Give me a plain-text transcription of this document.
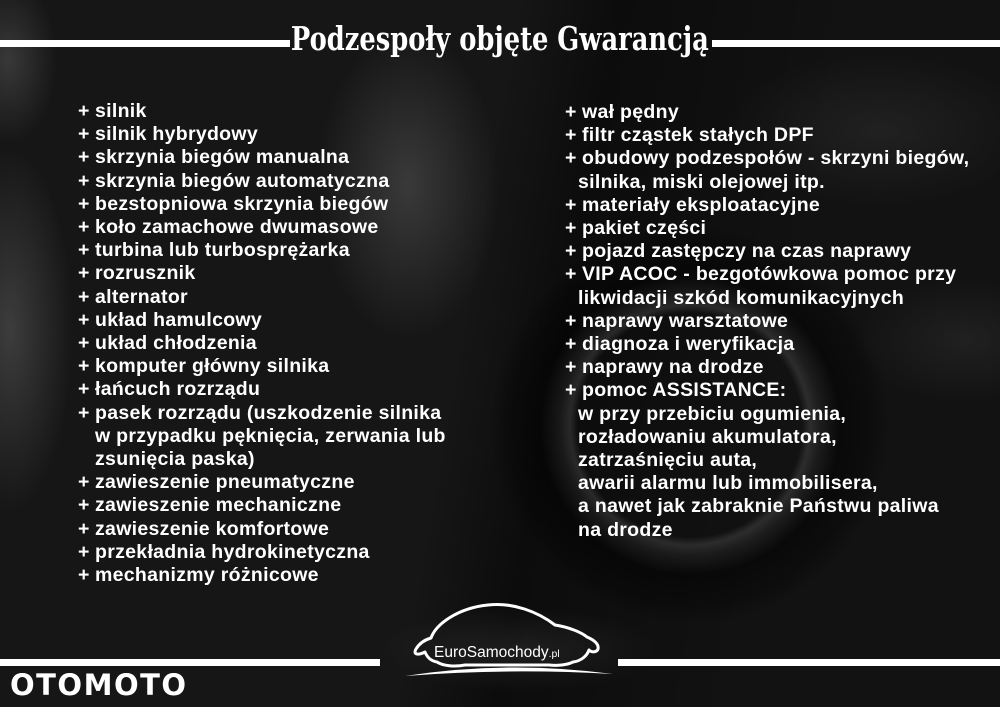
Podzespoły objęte Gwarancją
+ silnik
+ silnik hybrydowy
+ skrzynia biegów manualna
+ skrzynia biegów automatyczna
+ bezstopniowa skrzynia biegów
+ koło zamachowe dwumasowe
+ turbina lub turbosprężarka
+ rozrusznik
+ alternator
+ układ hamulcowy
+ układ chłodzenia
+ komputer główny silnika
+ łańcuch rozrządu
+ pasek rozrządu (uszkodzenie silnika
w przypadku pęknięcia, zerwania lub
zsunięcia paska)
+ zawieszenie pneumatyczne
+ zawieszenie mechaniczne
+ zawieszenie komfortowe
+ przekładnia hydrokinetyczna
+ mechanizmy różnicowe
+ wał pędny
+ filtr cząstek stałych DPF
+ obudowy podzespołów - skrzyni biegów,
silnika, miski olejowej itp.
+ materiały eksploatacyjne
+ pakiet części
+ pojazd zastępczy na czas naprawy
+ VIP ACOC - bezgotówkowa pomoc przy
likwidacji szkód komunikacyjnych
+ naprawy warsztatowe
+ diagnoza i weryfikacja
+ naprawy na drodze
+ pomoc ASSISTANCE:
w przy przebiciu ogumienia,
rozładowaniu akumulatora,
zatrzaśnięciu auta,
awarii alarmu lub immobilisera,
a nawet jak zabraknie Państwu paliwa
na drodze
EuroSamochody.pl

OTOMOTO
